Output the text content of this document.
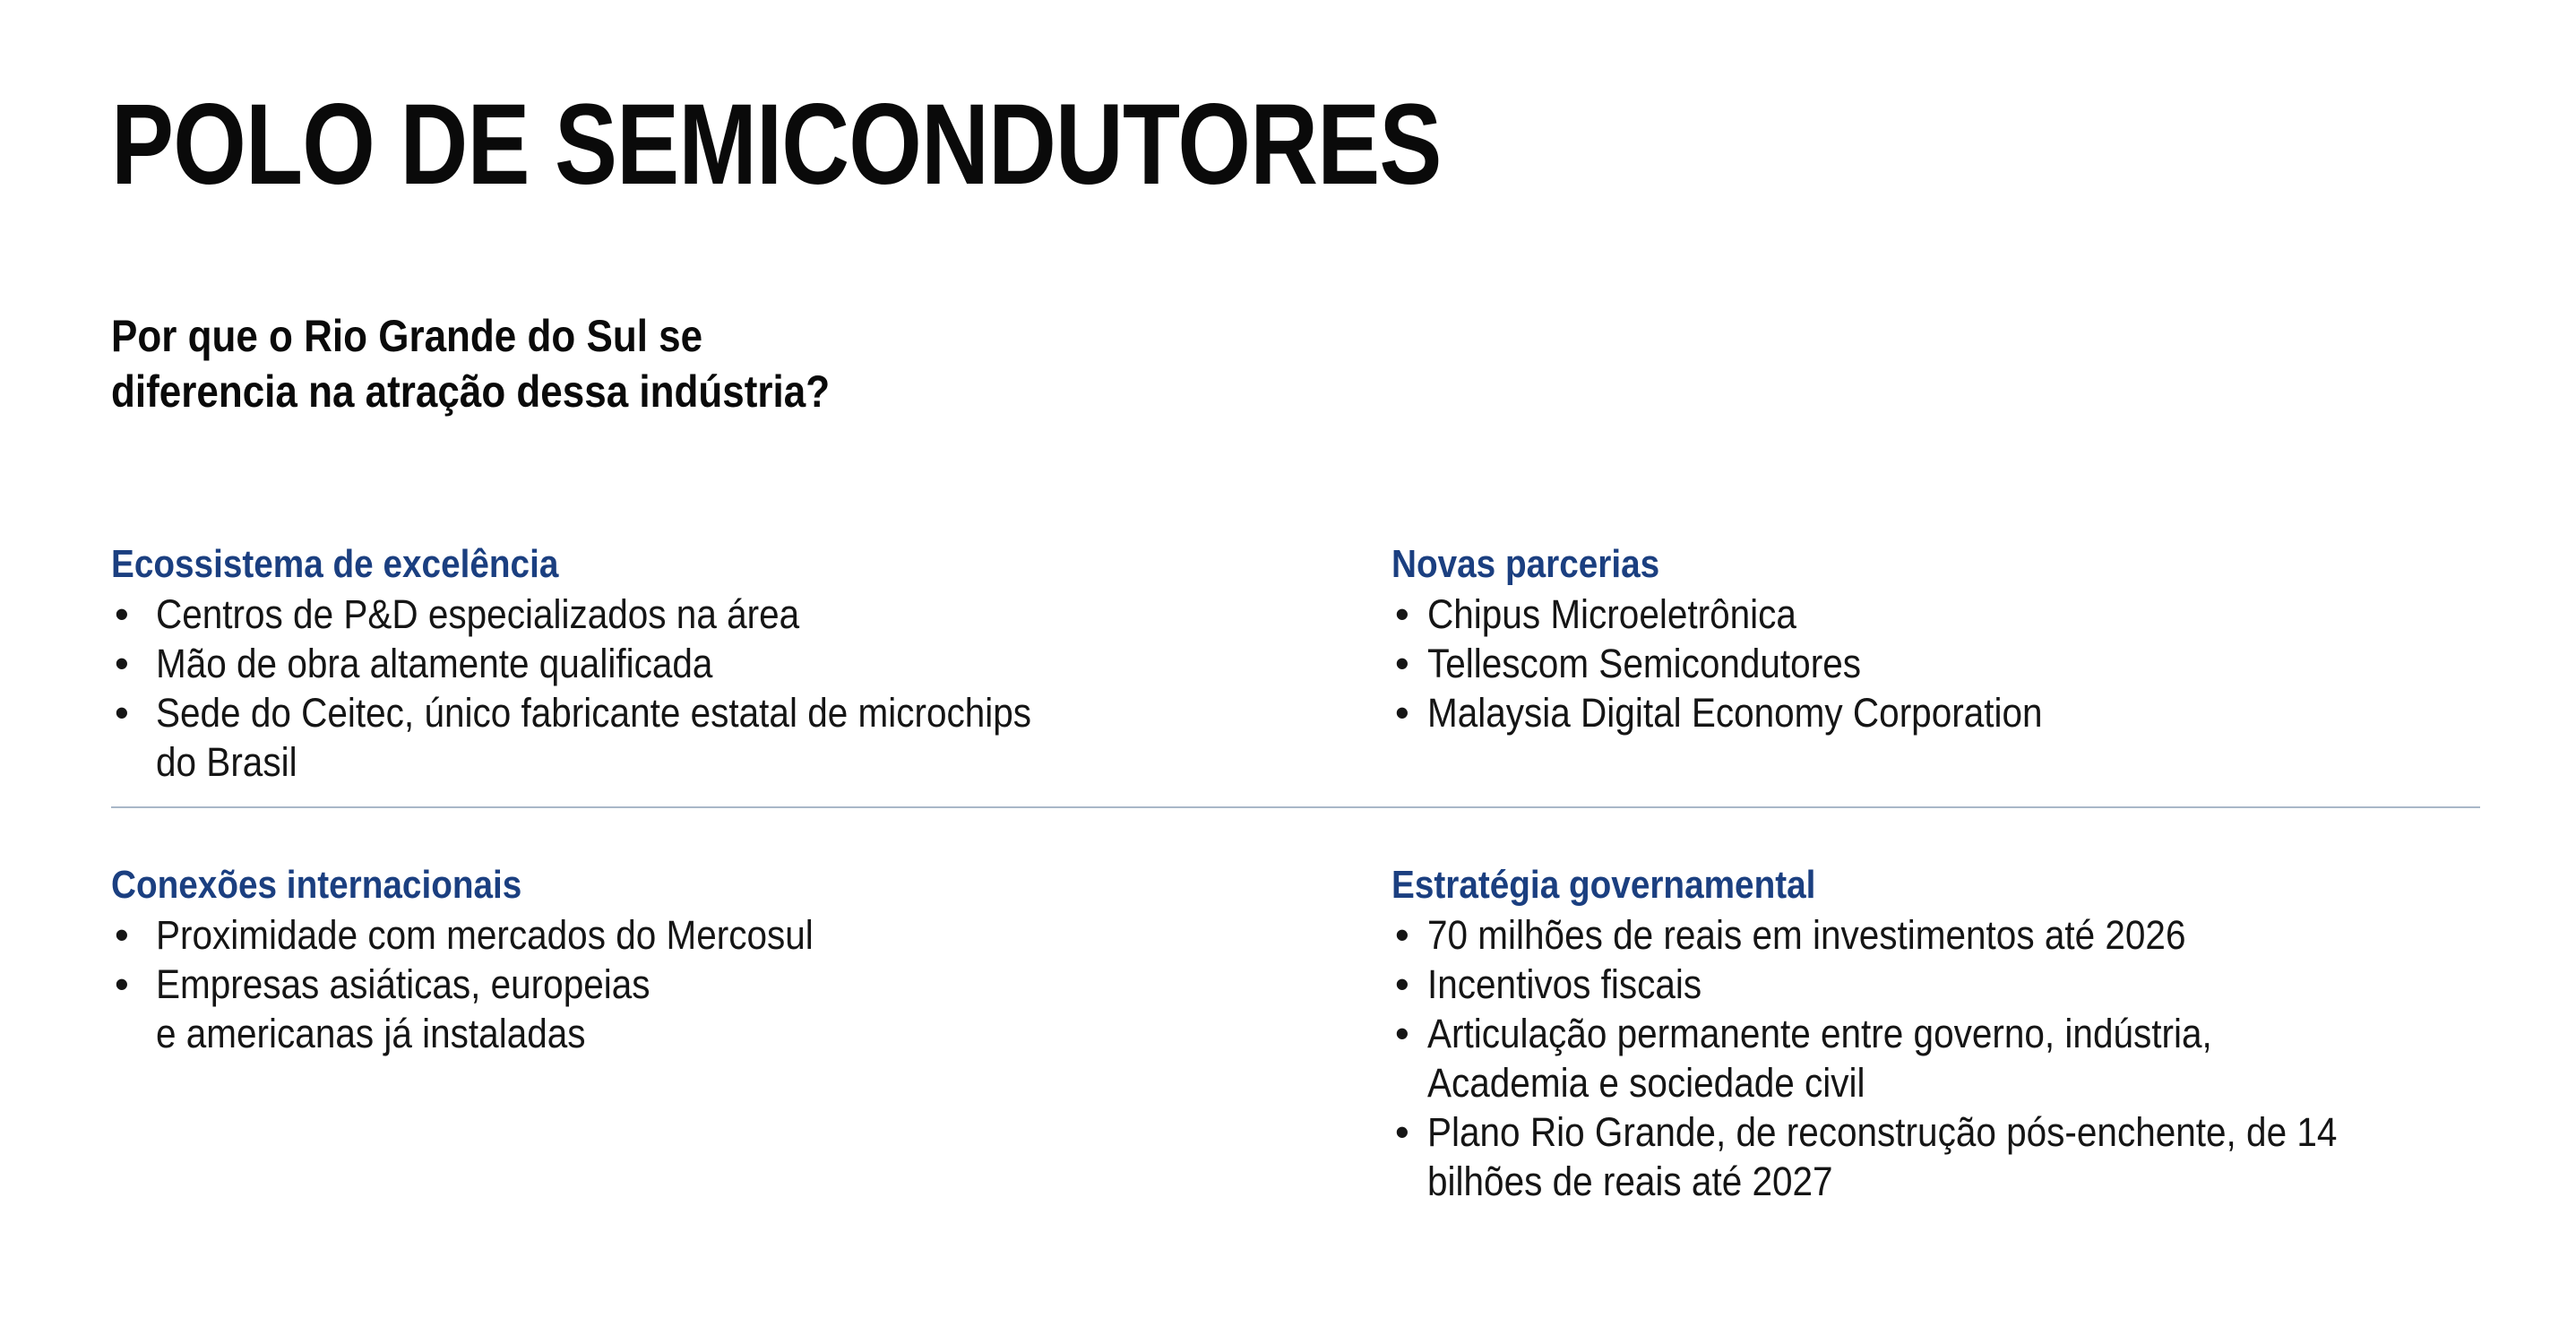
POLO DE SEMICONDUTORES
Por que o Rio Grande do Sul se
diferencia na atração dessa indústria?
Ecossistema de excelência
• Centros de P&D especializados na área
• Mão de obra altamente qualificada
• Sede do Ceitec, único fabricante estatal de microchips
do Brasil
Novas parcerias
• Chipus Microeletrônica
• Tellescom Semicondutores
• Malaysia Digital Economy Corporation
Conexões internacionais
• Proximidade com mercados do Mercosul
• Empresas asiáticas, europeias
e americanas já instaladas
Estratégia governamental
• 70 milhões de reais em investimentos até 2026
• Incentivos fiscais
• Articulação permanente entre governo, indústria,
Academia e sociedade civil
• Plano Rio Grande, de reconstrução pós-enchente, de 14
bilhões de reais até 2027
